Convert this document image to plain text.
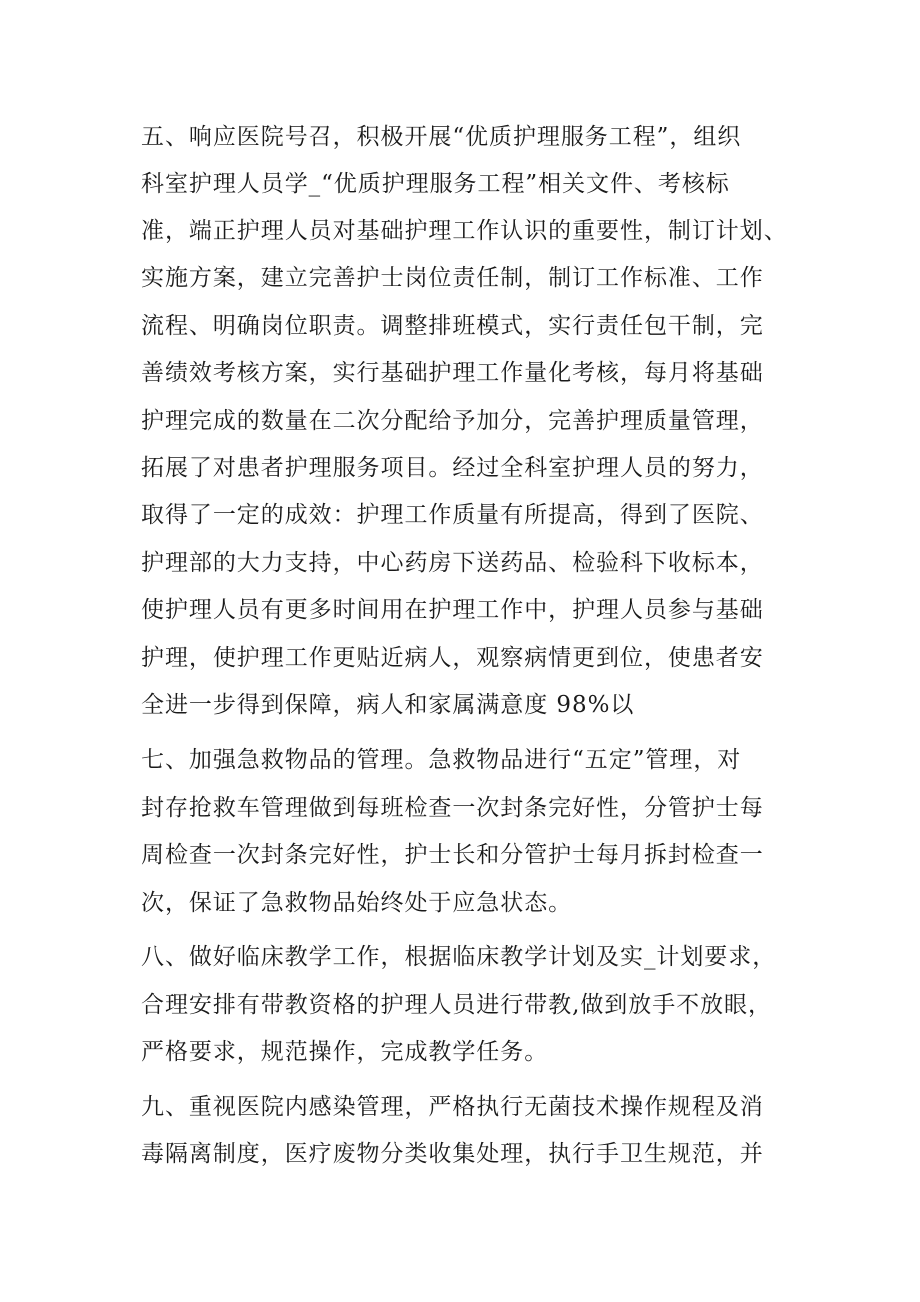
五、响应医院号召，积极开展“优质护理服务工程”，组织
科室护理人员学_“优质护理服务工程”相关文件、考核标
准，端正护理人员对基础护理工作认识的重要性，制订计划、
实施方案，建立完善护士岗位责任制，制订工作标准、工作
流程、明确岗位职责。调整排班模式，实行责任包干制，完
善绩效考核方案，实行基础护理工作量化考核，每月将基础
护理完成的数量在二次分配给予加分，完善护理质量管理，
拓展了对患者护理服务项目。经过全科室护理人员的努力，
取得了一定的成效：护理工作质量有所提高，得到了医院、
护理部的大力支持，中心药房下送药品、检验科下收标本，
使护理人员有更多时间用在护理工作中，护理人员参与基础
护理，使护理工作更贴近病人，观察病情更到位，使患者安
全进一步得到保障，病人和家属满意度 98%以
七、加强急救物品的管理。急救物品进行“五定”管理，对
封存抢救车管理做到每班检查一次封条完好性，分管护士每
周检查一次封条完好性，护士长和分管护士每月拆封检查一
次，保证了急救物品始终处于应急状态。
八、做好临床教学工作，根据临床教学计划及实_计划要求，
合理安排有带教资格的护理人员进行带教,做到放手不放眼，
严格要求，规范操作，完成教学任务。
九、重视医院内感染管理，严格执行无菌技术操作规程及消
毒隔离制度，医疗废物分类收集处理，执行手卫生规范，并
